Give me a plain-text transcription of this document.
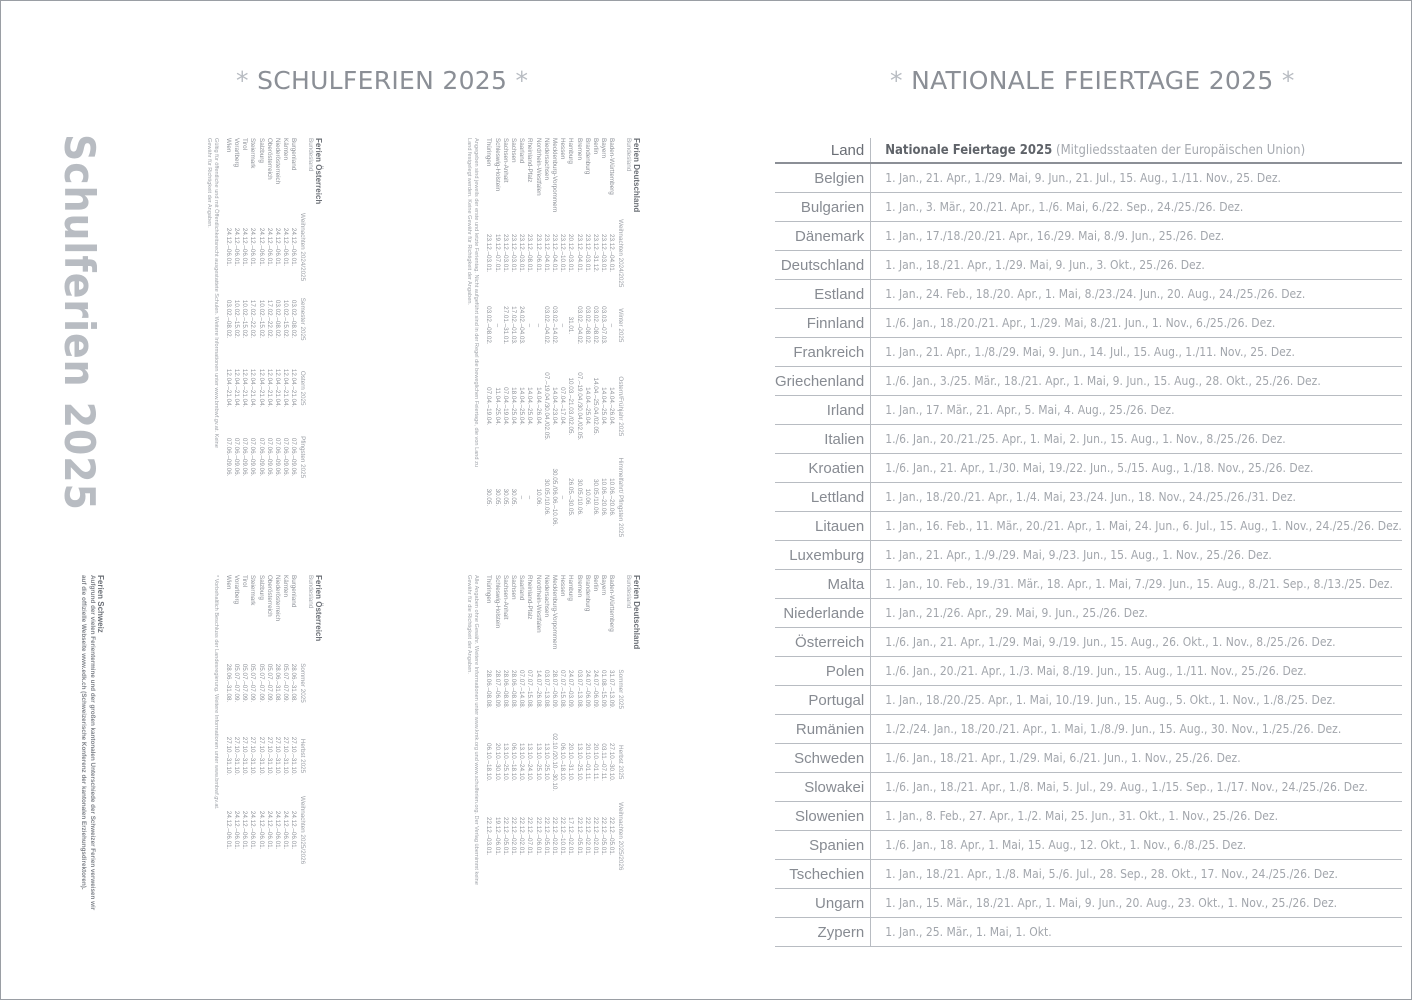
* SCHULFERIEN 2025 *
Schulferien 2025	Ferien Deutschland
Bundesland
	Weihnachten 2024/2025	Winter 2025	Ostern/Frühjahr 2025	Himmelfahrt/ Pfingsten 2025
Baden-Württemberg	23.12.–04.01.	–	14.04.–26.04.	10.06.–20.06.
Bayern	23.12.–03.01.	03.03.–07.03.	14.04.–25.04.	10.06.–20.06.
Berlin	23.12.–31.12.	03.02.–08.02.	14.04.–25.04./02.05.	30.05./10.06.
Brandenburg	23.12.–03.01.	03.02.–08.02.	14.04.–25.04.	10.06.
Bremen	23.12.–04.01.	03.02.–04.02.	07.–19.04./30.04./02.05.	30.05./10.06.
Hamburg	20.12.–03.01.	31.01.	10.03.–21.03./02.05.	26.05.–30.05.
Hessen	23.12.–10.01.	–	07.04.–17.04.	–
Mecklenburg-Vorpommern	23.12.–04.01.	03.02.–14.02.	14.04.–23.04.	30.05./06.06.–10.06.
Niedersachsen	23.12.–04.01.	03.02.–04.02.	07.–19.04./30.04./02.05.	30.05./10.06.
Nordrhein-Westfalen	23.12.–06.01.	–	14.04.–26.04.	10.06.
Rheinland-Pfalz	23.12.–08.01.	–	14.04.–25.04.	–
Saarland	23.12.–03.01.	24.02.–04.03.	14.04.–25.04.	–
Sachsen	23.12.–03.01.	17.02.–01.03.	18.04.–25.04.	30.05.
Sachsen-Anhalt	23.12.–03.01.	27.01.–31.01.	07.04.–19.04.	30.05.
Schleswig-Holstein	19.12.–07.01.	–	11.04.–25.04.	30.05.
Thüringen	23.12.–03.01.	03.02.–08.02.	07.04.–19.04.	30.05.
Angegeben sind jeweils der erste und letzte Ferientag. Nicht aufgeführt sind in der Regel die beweglichen Feiertage, die von Land zu Land festgelegt werden. Keine Gewähr für Richtigkeit der Angaben.
Ferien Österreich
Bundesland
	Weihnachten 2024/2025	Semester 2025	Ostern 2025	Pfingsten 2025
Burgenland	24.12.–06.01.	03.02.–08.02.	12.04.–21.04.	07.06.–09.06.
Kärnten	24.12.–06.01.	10.02.–15.02.	12.04.–21.04.	07.06.–09.06.
Niederösterreich	24.12.–06.01.	03.02.–08.02.	12.04.–21.04.	07.06.–09.06.
Oberösterreich	24.12.–06.01.	17.02.–22.02.	12.04.–21.04.	07.06.–09.06.
Salzburg	24.12.–06.01.	10.02.–15.02.	12.04.–21.04.	07.06.–09.06.
Steiermark	24.12.–06.01.	17.02.–22.02.	12.04.–21.04.	07.06.–09.06.
Tirol	24.12.–06.01.	10.02.–15.02.	12.04.–21.04.	07.06.–09.06.
Vorarlberg	24.12.–06.01.	10.02.–15.02.	12.04.–21.04.	07.06.–09.06.
Wien	24.12.–06.01.	03.02.–08.02.	12.04.–21.04.	07.06.–09.06.
Gültig für öffentliche und mit Öffentlichkeitsrecht ausgestattete Schulen. Weitere Informationen unter www.bmbwf.gv.at. Keine Gewähr für Richtigkeit der Angaben.
Ferien Deutschland
Bundesland
	Sommer 2025	Herbst 2025	Weihnachten 2025/2026
Baden-Württemberg	31.07.–13.09.	27.10.–30.10.	22.12.–05.01.
Bayern	01.08.–15.09.	03.11.–07.11.	22.12.–05.01.
Berlin	24.07.–06.09.	20.10.–01.11.	22.12.–02.01.
Brandenburg	24.07.–06.09.	20.10.–01.11.	22.12.–02.01.
Bremen	03.07.–13.08.	13.10.–25.10.	22.12.–05.01.
Hamburg	24.07.–03.09.	20.10.–31.10.	17.12.–02.01.
Hessen	07.07.–15.08.	06.10.–18.10.	22.12.–10.01.
Mecklenburg-Vorpommern	28.07.–06.09.	02.10./20.10.–30.10.	22.12.–02.01.
Niedersachsen	03.07.–13.08.	13.10.–25.10.	22.12.–05.01.
Nordrhein-Westfalen	14.07.–26.08.	13.10.–25.10.	22.12.–06.01.
Rheinland-Pfalz	07.07.–15.08.	13.10.–24.10.	22.12.–07.01.
Saarland	07.07.–14.08.	13.10.–24.10.	22.12.–02.01.
Sachsen	28.06.–08.08.	06.10.–18.10.	22.12.–02.01.
Sachsen-Anhalt	28.06.–08.08.	13.10.–25.10.	22.12.–05.01.
Schleswig-Holstein	28.07.–06.09.	20.10.–30.10.	19.12.–06.01.
Thüringen	28.06.–08.08.	06.10.–18.10.	22.12.–03.01.
Alle Angaben ohne Gewähr. Weitere Informationen unter www.kmk.org und www.schulferien.org. Der Verlag übernimmt keine Gewähr für die Richtigkeit der Angaben.
Ferien Österreich
Bundesland
	Sommer 2025	Herbst 2025	Weihnachten 2025/2026
Burgenland	28.06.–31.08.	27.10.–31.10.	24.12.–06.01.
Kärnten	05.07.–07.09.	27.10.–31.10.	24.12.–06.01.
Niederösterreich	28.06.–31.08.	27.10.–31.10.	24.12.–06.01.
Oberösterreich	05.07.–07.09.	27.10.–31.10.	24.12.–06.01.
Salzburg	05.07.–07.09.	27.10.–31.10.	24.12.–06.01.
Steiermark	05.07.–07.09.	27.10.–31.10.	24.12.–06.01.
Tirol	05.07.–07.09.	27.10.–31.10.	24.12.–06.01.
Vorarlberg	05.07.–07.09.	27.10.–31.10.	24.12.–06.01.
Wien	28.06.–31.08.	27.10.–31.10.	24.12.–06.01.
* Vorbehaltlich Beschluss der Landesregierung. Weitere Informationen unter www.bmbwf.gv.at.
Ferien Schweiz
Aufgrund der vielen Ferientermine und der großen kantonalen Unterschiede der Schweizer Ferien verweisen wir auf die offizielle Webseite www.edk.ch (Schweizerische Konferenz der kantonalen Erziehungsdirektoren).
* NATIONALE FEIERTAGE 2025 *
Land	Nationale Feiertage 2025 (Mitgliedsstaaten der Europäischen Union)
Belgien	1. Jan., 21. Apr., 1./29. Mai, 9. Jun., 21. Jul., 15. Aug., 1./11. Nov., 25. Dez.
Bulgarien	1. Jan., 3. Mär., 20./21. Apr., 1./6. Mai, 6./22. Sep., 24./25./26. Dez.
Dänemark	1. Jan., 17./18./20./21. Apr., 16./29. Mai, 8./9. Jun., 25./26. Dez.
Deutschland	1. Jan., 18./21. Apr., 1./29. Mai, 9. Jun., 3. Okt., 25./26. Dez.
Estland	1. Jan., 24. Feb., 18./20. Apr., 1. Mai, 8./23./24. Jun., 20. Aug., 24./25./26. Dez.
Finnland	1./6. Jan., 18./20./21. Apr., 1./29. Mai, 8./21. Jun., 1. Nov., 6./25./26. Dez.
Frankreich	1. Jan., 21. Apr., 1./8./29. Mai, 9. Jun., 14. Jul., 15. Aug., 1./11. Nov., 25. Dez.
Griechenland	1./6. Jan., 3./25. Mär., 18./21. Apr., 1. Mai, 9. Jun., 15. Aug., 28. Okt., 25./26. Dez.
Irland	1. Jan., 17. Mär., 21. Apr., 5. Mai, 4. Aug., 25./26. Dez.
Italien	1./6. Jan., 20./21./25. Apr., 1. Mai, 2. Jun., 15. Aug., 1. Nov., 8./25./26. Dez.
Kroatien	1./6. Jan., 21. Apr., 1./30. Mai, 19./22. Jun., 5./15. Aug., 1./18. Nov., 25./26. Dez.
Lettland	1. Jan., 18./20./21. Apr., 1./4. Mai, 23./24. Jun., 18. Nov., 24./25./26./31. Dez.
Litauen	1. Jan., 16. Feb., 11. Mär., 20./21. Apr., 1. Mai, 24. Jun., 6. Jul., 15. Aug., 1. Nov., 24./25./26. Dez.
Luxemburg	1. Jan., 21. Apr., 1./9./29. Mai, 9./23. Jun., 15. Aug., 1. Nov., 25./26. Dez.
Malta	1. Jan., 10. Feb., 19./31. Mär., 18. Apr., 1. Mai, 7./29. Jun., 15. Aug., 8./21. Sep., 8./13./25. Dez.
Niederlande	1. Jan., 21./26. Apr., 29. Mai, 9. Jun., 25./26. Dez.
Österreich	1./6. Jan., 21. Apr., 1./29. Mai, 9./19. Jun., 15. Aug., 26. Okt., 1. Nov., 8./25./26. Dez.
Polen	1./6. Jan., 20./21. Apr., 1./3. Mai, 8./19. Jun., 15. Aug., 1./11. Nov., 25./26. Dez.
Portugal	1. Jan., 18./20./25. Apr., 1. Mai, 10./19. Jun., 15. Aug., 5. Okt., 1. Nov., 1./8./25. Dez.
Rumänien	1./2./24. Jan., 18./20./21. Apr., 1. Mai, 1./8./9. Jun., 15. Aug., 30. Nov., 1./25./26. Dez.
Schweden	1./6. Jan., 18./21. Apr., 1./29. Mai, 6./21. Jun., 1. Nov., 25./26. Dez.
Slowakei	1./6. Jan., 18./21. Apr., 1./8. Mai, 5. Jul., 29. Aug., 1./15. Sep., 1./17. Nov., 24./25./26. Dez.
Slowenien	1. Jan., 8. Feb., 27. Apr., 1./2. Mai, 25. Jun., 31. Okt., 1. Nov., 25./26. Dez.
Spanien	1./6. Jan., 18. Apr., 1. Mai, 15. Aug., 12. Okt., 1. Nov., 6./8./25. Dez.
Tschechien	1. Jan., 18./21. Apr., 1./8. Mai, 5./6. Jul., 28. Sep., 28. Okt., 17. Nov., 24./25./26. Dez.
Ungarn	1. Jan., 15. Mär., 18./21. Apr., 1. Mai, 9. Jun., 20. Aug., 23. Okt., 1. Nov., 25./26. Dez.
Zypern	1. Jan., 25. Mär., 1. Mai, 1. Okt.
